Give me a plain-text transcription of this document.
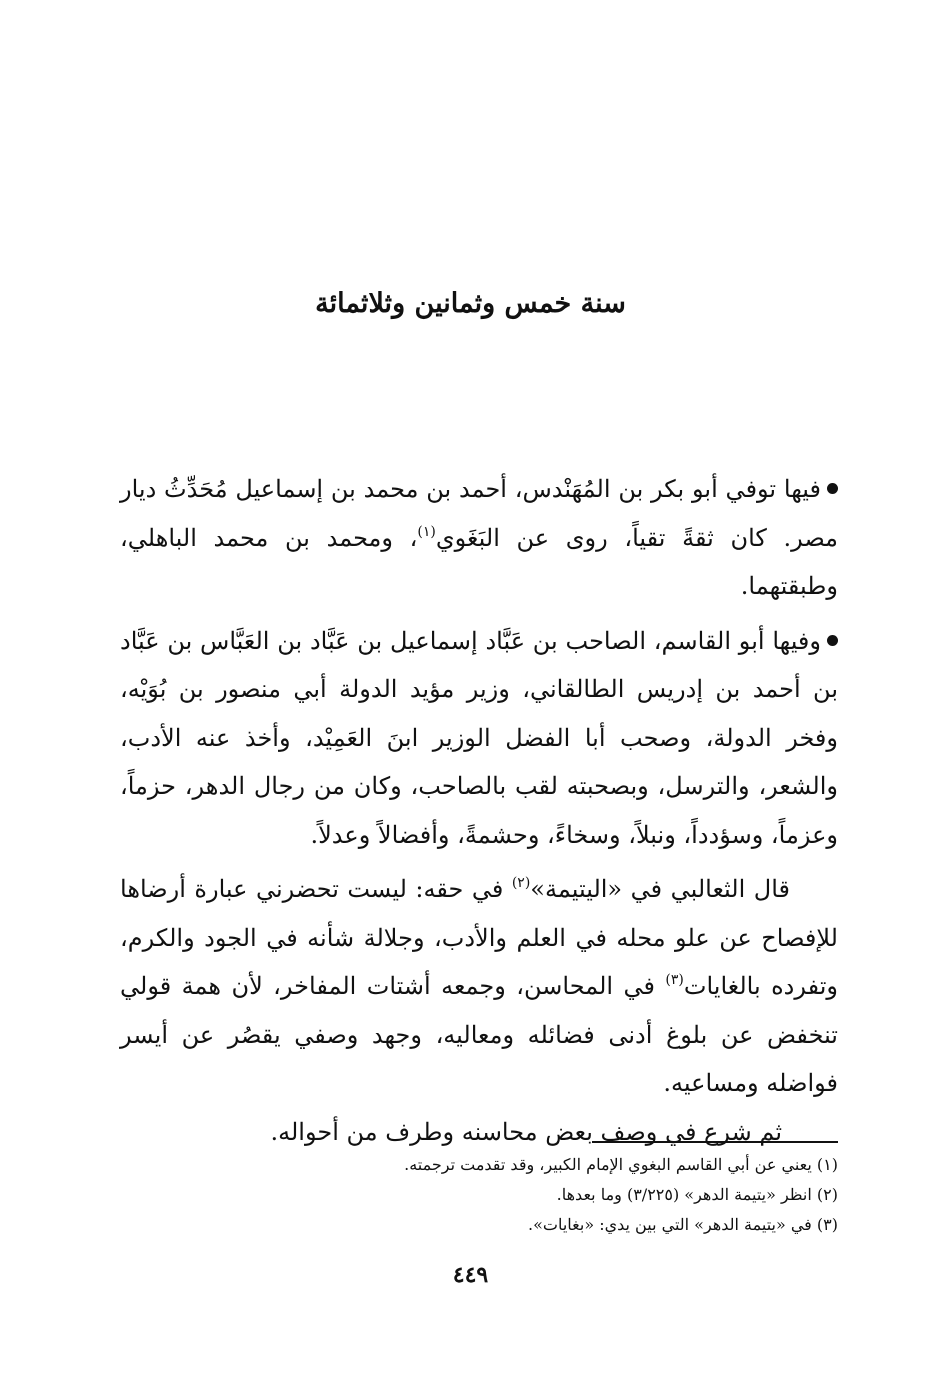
سنة خمس وثمانين وثلاثمائة

فيها توفي أبو بكر بن المُهَنْدس، أحمد بن محمد بن إسماعيل مُحَدِّثُ ديار مصر. كان ثقةً تقياً، روى عن البَغَوي$^{(١)}$، ومحمد بن محمد الباهلي، وطبقتهما.

وفيها أبو القاسم، الصاحب بن عَبَّاد إسماعيل بن عَبَّاد بن العَبَّاس بن عَبَّاد بن أحمد بن إدريس الطالقاني، وزير مؤيد الدولة أبي منصور بن بُوَيْه، وفخر الدولة، وصحب أبا الفضل الوزير ابنَ العَمِيْد، وأخذ عنه الأدب، والشعر، والترسل، وبصحبته لقب بالصاحب، وكان من رجال الدهر، حزماً، وعزماً، وسؤدداً، ونبلاً، وسخاءً، وحشمةً، وأفضالاً وعدلاً.

قال الثعالبي في «اليتيمة»$^{(٢)}$ في حقه: ليست تحضرني عبارة أرضاها للإفصاح عن علو محله في العلم والأدب، وجلالة شأنه في الجود والكرم، وتفرده بالغايات$^{(٣)}$ في المحاسن، وجمعه أشتات المفاخر، لأن همة قولي تنخفض عن بلوغ أدنى فضائله ومعاليه، وجهد وصفي يقصُر عن أيسر فواضله ومساعيه.

ثم شرع في وصف بعض محاسنه وطرف من أحواله.

(١) يعني عن أبي القاسم البغوي الإمام الكبير، وقد تقدمت ترجمته.

(٢) انظر «يتيمة الدهر» (٣/٢٢٥) وما بعدها.

(٣) في «يتيمة الدهر» التي بين يدي: «بغايات».

٤٤٩
